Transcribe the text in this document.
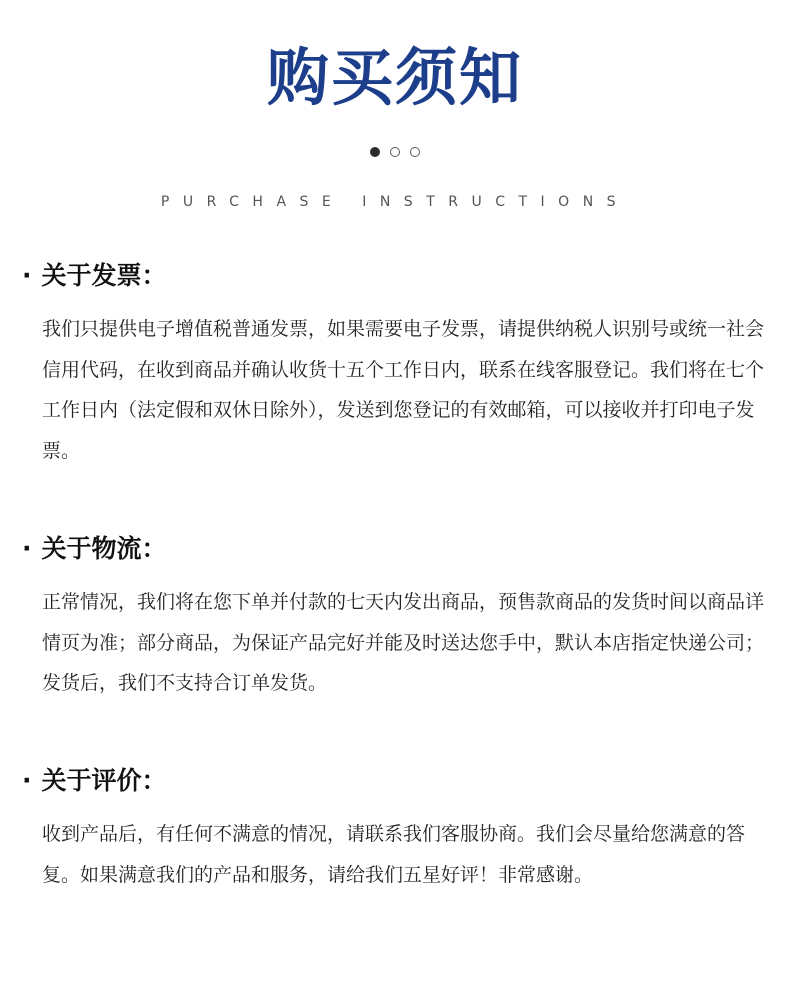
购买须知
PURCHASE INSTRUCTIONS
· 关于发票：
我们只提供电子增值税普通发票，如果需要电子发票，请提供纳税人识别号或统一社会信用代码，在收到商品并确认收货十五个工作日内，联系在线客服登记。我们将在七个工作日内（法定假和双休日除外），发送到您登记的有效邮箱，可以接收并打印电子发票。
· 关于物流：
正常情况，我们将在您下单并付款的七天内发出商品，预售款商品的发货时间以商品详情页为准；部分商品，为保证产品完好并能及时送达您手中，默认本店指定快递公司；发货后，我们不支持合订单发货。
· 关于评价：
收到产品后，有任何不满意的情况，请联系我们客服协商。我们会尽量给您满意的答复。如果满意我们的产品和服务，请给我们五星好评！非常感谢。
